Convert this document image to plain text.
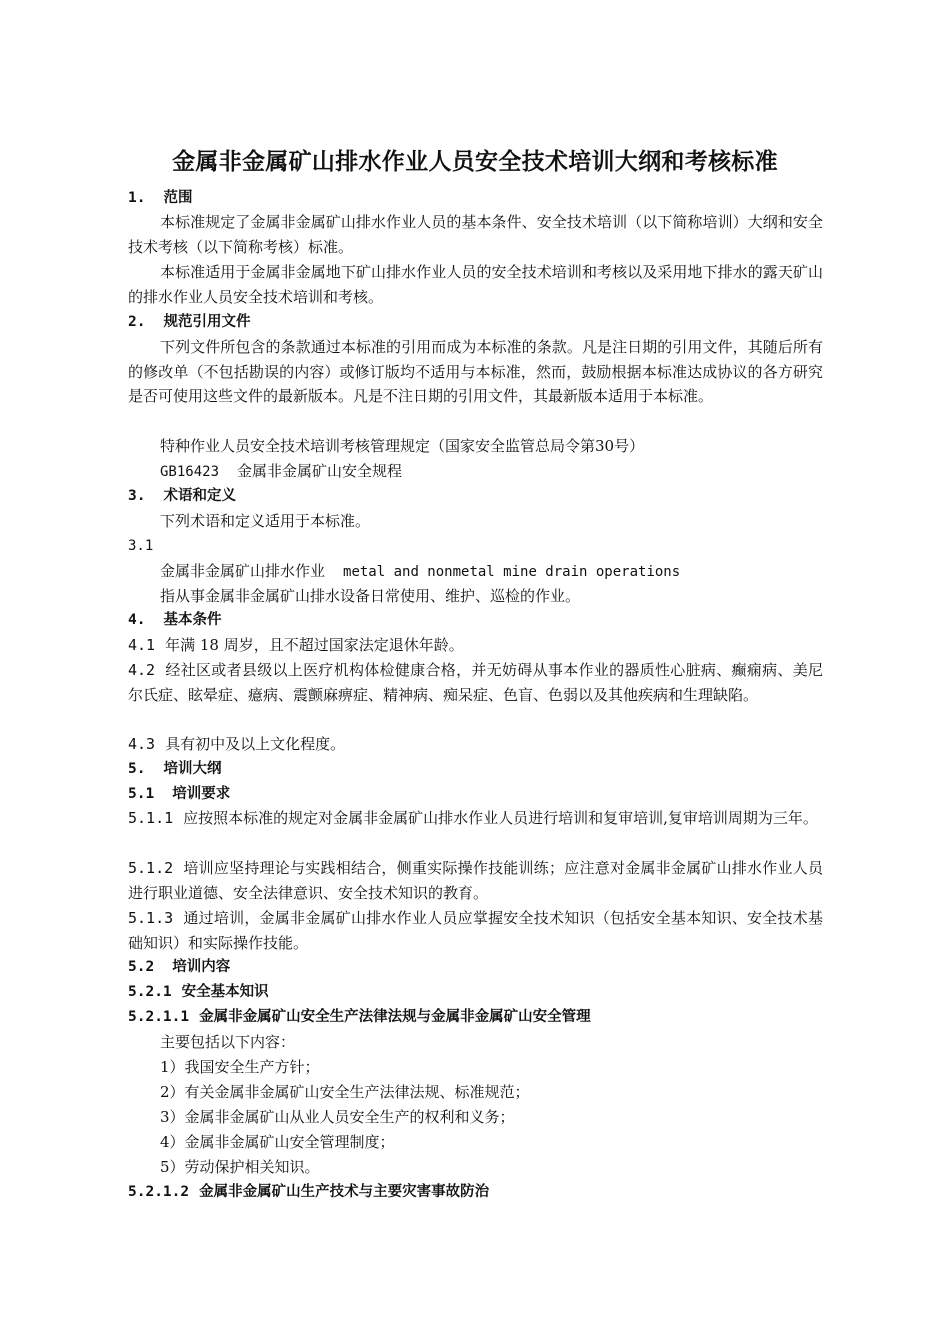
金属非金属矿山排水作业人员安全技术培训大纲和考核标准
1. 范围
本标准规定了金属非金属矿山排水作业人员的基本条件、安全技术培训（以下简称培训）大纲和安全技术考核（以下简称考核）标准。
本标准适用于金属非金属地下矿山排水作业人员的安全技术培训和考核以及采用地下排水的露天矿山的排水作业人员安全技术培训和考核。
2. 规范引用文件
下列文件所包含的条款通过本标准的引用而成为本标准的条款。凡是注日期的引用文件，其随后所有的修改单（不包括勘误的内容）或修订版均不适用与本标准，然而，鼓励根据本标准达成协议的各方研究是否可使用这些文件的最新版本。凡是不注日期的引用文件，其最新版本适用于本标准。
特种作业人员安全技术培训考核管理规定（国家安全监管总局令第30号）
GB16423 金属非金属矿山安全规程
3. 术语和定义
下列术语和定义适用于本标准。
3.1
金属非金属矿山排水作业 metal and nonmetal mine drain operations
指从事金属非金属矿山排水设备日常使用、维护、巡检的作业。
4. 基本条件
4.1 年满 18 周岁，且不超过国家法定退休年龄。
4.2 经社区或者县级以上医疗机构体检健康合格，并无妨碍从事本作业的器质性心脏病、癫痫病、美尼尔氏症、眩晕症、癔病、震颤麻痹症、精神病、痴呆症、色盲、色弱以及其他疾病和生理缺陷。
4.3 具有初中及以上文化程度。
5. 培训大纲
5.1 培训要求
5.1.1 应按照本标准的规定对金属非金属矿山排水作业人员进行培训和复审培训,复审培训周期为三年。
5.1.2 培训应坚持理论与实践相结合，侧重实际操作技能训练；应注意对金属非金属矿山排水作业人员进行职业道德、安全法律意识、安全技术知识的教育。
5.1.3 通过培训，金属非金属矿山排水作业人员应掌握安全技术知识（包括安全基本知识、安全技术基础知识）和实际操作技能。
5.2 培训内容
5.2.1 安全基本知识
5.2.1.1 金属非金属矿山安全生产法律法规与金属非金属矿山安全管理
主要包括以下内容：
1）我国安全生产方针；
2）有关金属非金属矿山安全生产法律法规、标准规范；
3）金属非金属矿山从业人员安全生产的权利和义务；
4）金属非金属矿山安全管理制度；
5）劳动保护相关知识。
5.2.1.2 金属非金属矿山生产技术与主要灾害事故防治
